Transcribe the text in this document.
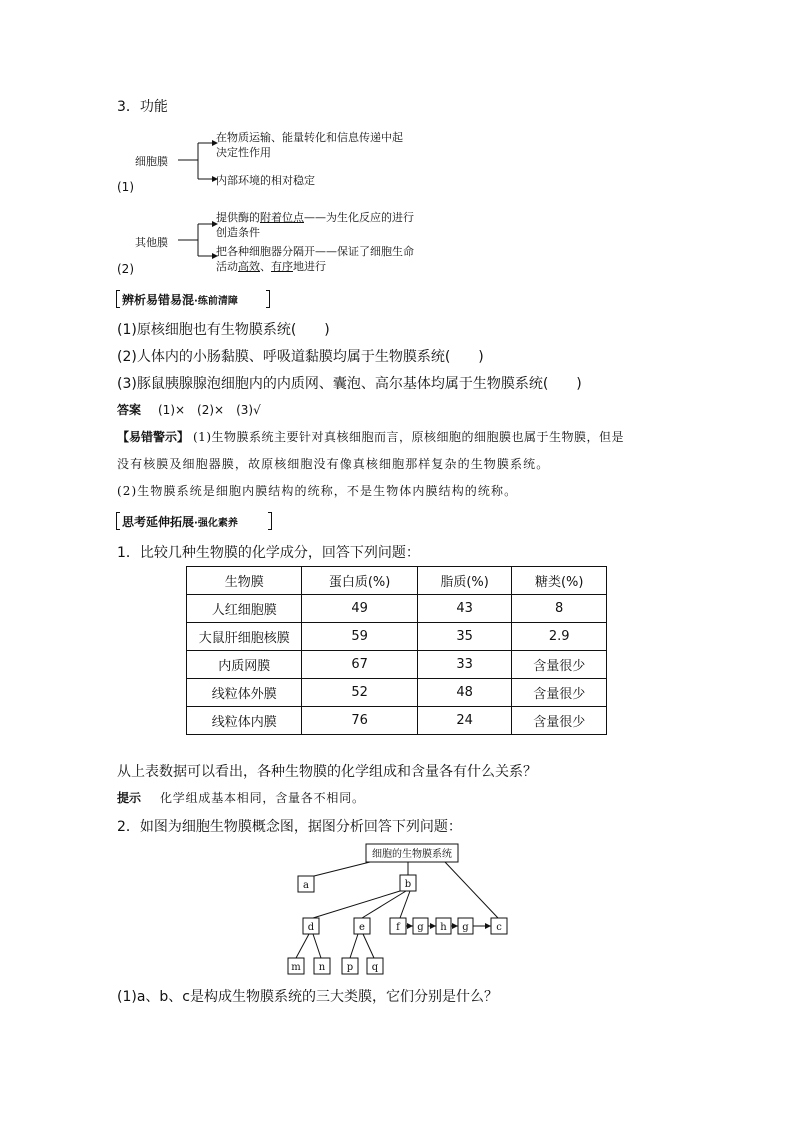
3．功能
细胞膜
在物质运输、能量转化和信息传递中起
决定性作用
内部环境的相对稳定
(1)
其他膜
提供酶的附着位点——为生化反应的进行
创造条件
把各种细胞器分隔开——保证了细胞生命
活动高效、有序地进行
(2)
辨析易错易混·练前清障
(1)原核细胞也有生物膜系统(　　)
(2)人体内的小肠黏膜、呼吸道黏膜均属于生物膜系统(　　)
(3)豚鼠胰腺腺泡细胞内的内质网、囊泡、高尔基体均属于生物膜系统(　　)
答案 (1)×　(2)×　(3)√
【易错警示】 (1)生物膜系统主要针对真核细胞而言，原核细胞的细胞膜也属于生物膜，但是
没有核膜及细胞器膜，故原核细胞没有像真核细胞那样复杂的生物膜系统。
(2)生物膜系统是细胞内膜结构的统称，不是生物体内膜结构的统称。
思考延伸拓展·强化素养
1．比较几种生物膜的化学成分，回答下列问题：
生物膜	蛋白质(%)	脂质(%)	糖类(%)
人红细胞膜	49	43	8
大鼠肝细胞核膜	59	35	2.9
内质网膜	67	33	含量很少
线粒体外膜	52	48	含量很少
线粒体内膜	76	24	含量很少
从上表数据可以看出，各种生物膜的化学组成和含量各有什么关系？
提示 化学组成基本相同，含量各不相同。
2．如图为细胞生物膜概念图，据图分析回答下列问题：
细胞的生物膜系统
a	b
c
d	e	f g h g
m n p q
(1)a、b、c是构成生物膜系统的三大类膜，它们分别是什么？
